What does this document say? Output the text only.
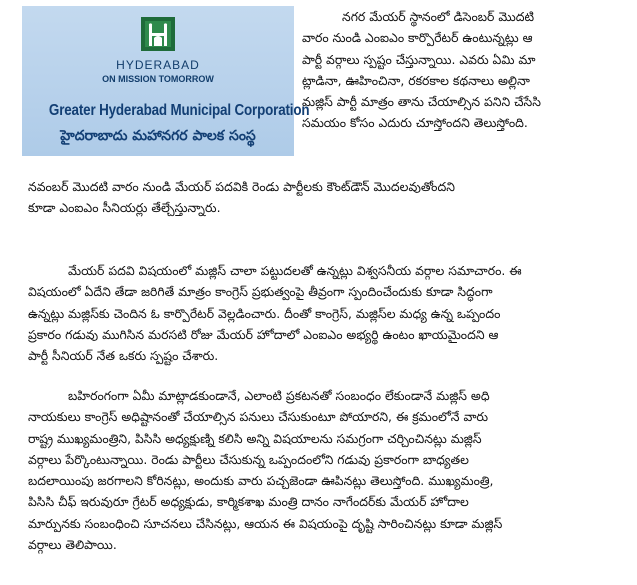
HYDERABAD
ON MISSION TOMORROW
Greater Hyderabad Municipal Corporation
హైదరాబాదు మహానగర పాలక సంస్థ
నగర మేయర్ స్థానంలో డిసెంబర్ మొదటి
వారం నుండి ఎంఐఎం కార్పొరేటర్ ఉంటున్నట్లు ఆ
పార్టీ వర్గాలు స్పష్టం చేస్తున్నాయి. ఎవరు ఏమి మా
ట్లాడినా, ఊహించినా, రకరకాల కథనాలు అల్లినా
మజ్లిస్ పార్టీ మాత్రం తాను చేయాల్సిన పనిని చేసేసి
సమయం కోసం ఎదురు చూస్తోందని తెలుస్తోంది.
నవంబర్ మొదటి వారం నుండి మేయర్ పదవికి రెండు పార్టీలకు కౌంట్‌డౌన్ మొదలవుతోందని
కూడా ఎంఐఎం సీనియర్లు తేల్చేస్తున్నారు.
మేయర్ పదవి విషయంలో మజ్లిస్ చాలా పట్టుదలతో ఉన్నట్లు విశ్వసనీయ వర్గాల సమాచారం. ఈ
విషయంలో ఏదేని తేడా జరిగితే మాత్రం కాంగ్రెస్ ప్రభుత్వంపై తీవ్రంగా స్పందించేందుకు కూడా సిద్ధంగా
ఉన్నట్లు మజ్లిస్‌కు చెందిన ఓ కార్పొరేటర్ వెల్లడించారు. దీంతో కాంగ్రెస్, మజ్లిస్‌ల మధ్య ఉన్న ఒప్పందం
ప్రకారం గడువు ముగిసిన మరసటి రోజు మేయర్ హోదాలో ఎంఐఎం అభ్యర్థి ఉంటం ఖాయమైందని ఆ
పార్టీ సీనియర్ నేత ఒకరు స్పష్టం చేశారు.
బహిరంగంగా ఏమీ మాట్లాడకుండానే, ఎలాంటి ప్రకటనతో సంబంధం లేకుండానే మజ్లిస్ అధి
నాయకులు కాంగ్రెస్ అధిష్టానంతో చేయాల్సిన పనులు చేసుకుంటూ పోయారని, ఈ క్రమంలోనే వారు
రాష్ట్ర ముఖ్యమంత్రిని, పిసిసి అధ్యక్షుణ్ని కలిసి అన్ని విషయాలను సమగ్రంగా చర్చించినట్లు మజ్లిస్
వర్గాలు పేర్కొంటున్నాయి. రెండు పార్టీలు చేసుకున్న ఒప్పందంలోని గడువు ప్రకారంగా బాధ్యతల
బదలాయింపు జరగాలని కోరినట్లు, అందుకు వారు పచ్చజెండా ఊపినట్లు తెలుస్తోంది. ముఖ్యమంత్రి,
పిసిసి చీఫ్ ఇరువురూ గ్రేటర్ అధ్యక్షుడు, కార్మికశాఖ మంత్రి దానం నాగేందర్‌కు మేయర్ హోదాల
మార్పునకు సంబంధించి సూచనలు చేసినట్లు, ఆయన ఈ విషయంపై దృష్టి సారించినట్లు కూడా మజ్లిస్
వర్గాలు తెలిపాయి.
